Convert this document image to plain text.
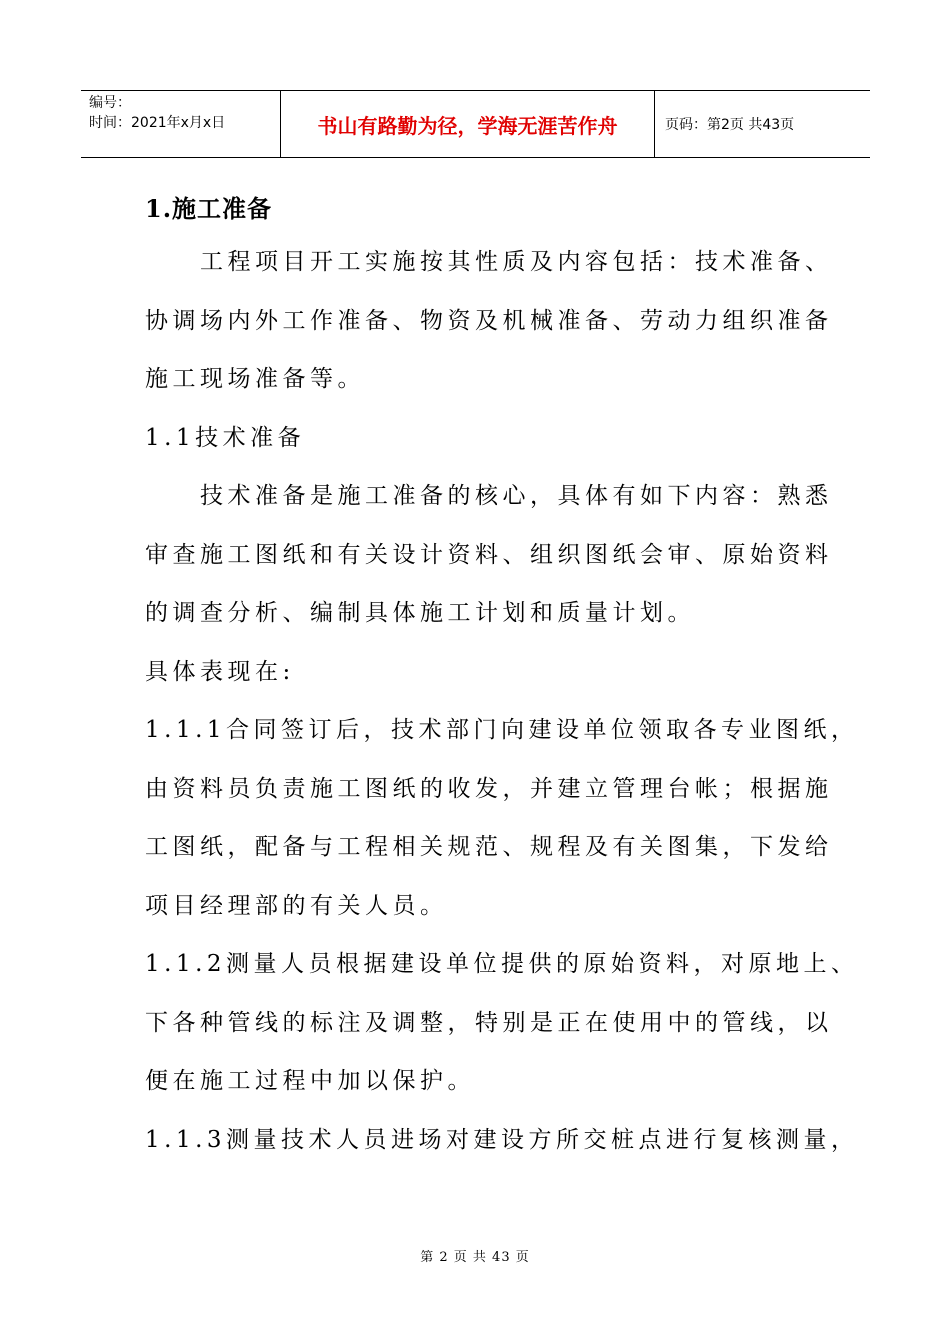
编号：
时间：2021年x月x日	书山有路勤为径，学海无涯苦作舟	页码：第2页 共43页
1.施工准备
工程项目开工实施按其性质及内容包括：技术准备、
协调场内外工作准备、物资及机械准备、劳动力组织准备
施工现场准备等。
1.1技术准备
技术准备是施工准备的核心，具体有如下内容：熟悉
审查施工图纸和有关设计资料、组织图纸会审、原始资料
的调查分析、编制具体施工计划和质量计划。
具体表现在:
1.1.1合同签订后，技术部门向建设单位领取各专业图纸，
由资料员负责施工图纸的收发，并建立管理台帐；根据施
工图纸，配备与工程相关规范、规程及有关图集，下发给
项目经理部的有关人员。
1.1.2测量人员根据建设单位提供的原始资料，对原地上、
下各种管线的标注及调整，特别是正在使用中的管线，以
便在施工过程中加以保护。
1.1.3测量技术人员进场对建设方所交桩点进行复核测量，
第 2 页 共 43 页
